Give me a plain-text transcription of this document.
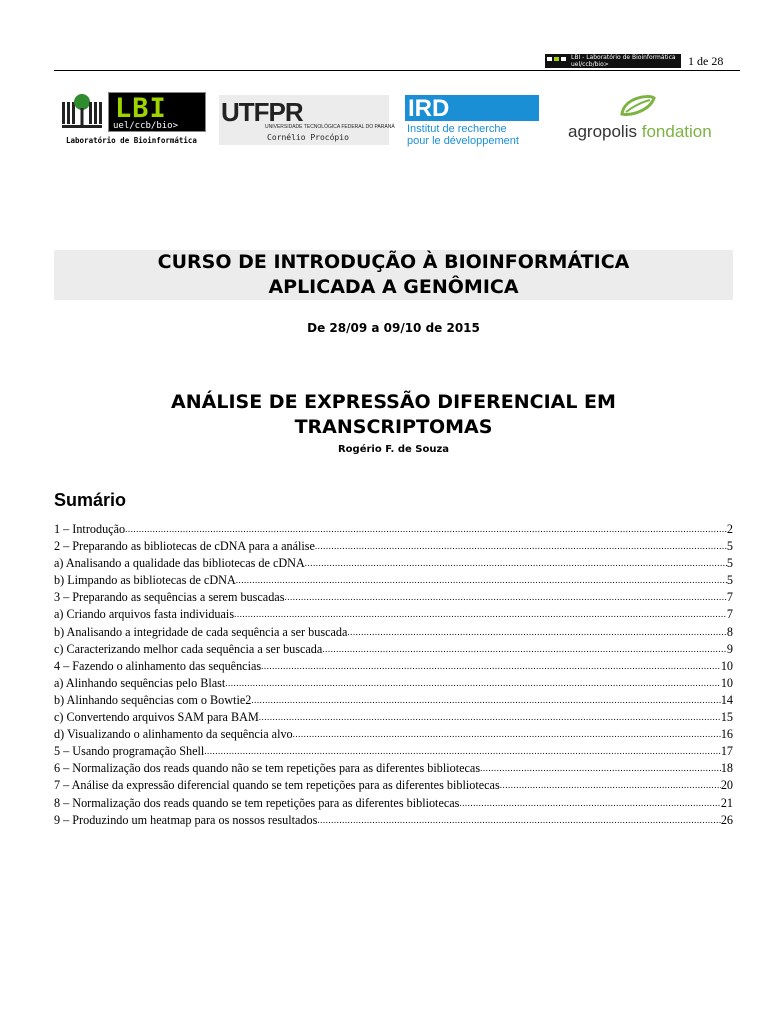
LBI - Laboratório de Bioinformática
uel/ccb/bio>	1 de 28
LBI
uel/ccb/bio>
Laboratório de Bioinformática
UTFPR
UNIVERSIDADE TECNOLÓGICA FEDERAL DO PARANÁ
Cornélio Procópio
IRD
Institut de recherche
pour le développement	agropolis fondation
CURSO DE INTRODUÇÃO À BIOINFORMÁTICA
APLICADA A GENÔMICA
De 28/09 a 09/10 de 2015
ANÁLISE DE EXPRESSÃO DIFERENCIAL EM
TRANSCRIPTOMAS
Rogério F. de Souza
Sumário
1 – Introdução .....	2
2 – Preparando as bibliotecas de cDNA para a análise .....	5
a) Analisando a qualidade das bibliotecas de cDNA .....	5
b) Limpando as bibliotecas de cDNA .....	5
3 – Preparando as sequências a serem buscadas .....	7
a) Criando arquivos fasta individuais .....	7
b) Analisando a integridade de cada sequência a ser buscada .....	8
c) Caracterizando melhor cada sequência a ser buscada .....	9
4 – Fazendo o alinhamento das sequências .....	10
a) Alinhando sequências pelo Blast .....	10
b) Alinhando sequências com o Bowtie2 .....	14
c) Convertendo arquivos SAM para BAM .....	15
d) Visualizando o alinhamento da sequência alvo .....	16
5 – Usando programação Shell .....	17
6 – Normalização dos reads quando não se tem repetições para as diferentes bibliotecas .....	18
7 – Análise da expressão diferencial quando se tem repetições para as diferentes bibliotecas .....	20
8 – Normalização dos reads quando se tem repetições para as diferentes bibliotecas .....	21
9 – Produzindo um heatmap para os nossos resultados .....	26
